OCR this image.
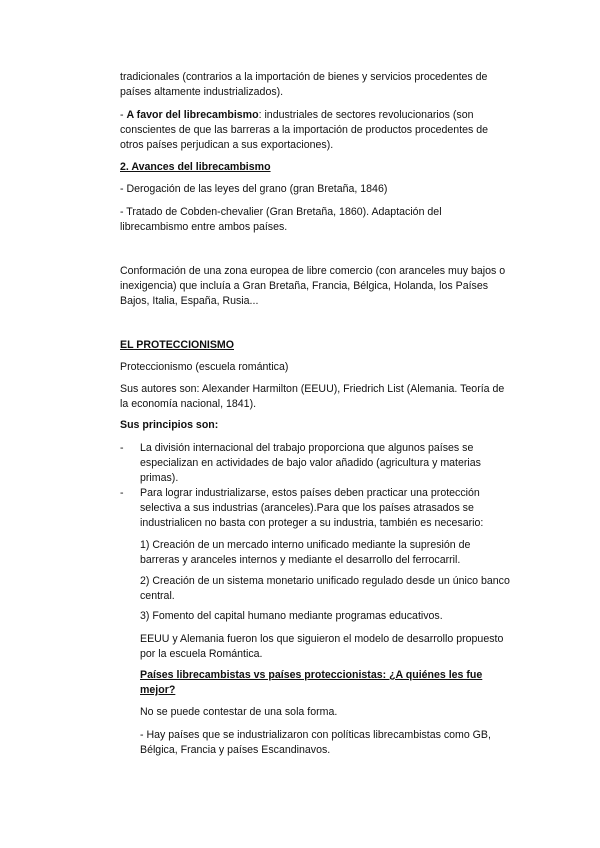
tradicionales (contrarios a la importación de bienes y servicios procedentes de países altamente industrializados).

- A favor del librecambismo: industriales de sectores revolucionarios (son conscientes de que las barreras a la importación de productos procedentes de otros países perjudican a sus exportaciones).

2. Avances del librecambismo

- Derogación de las leyes del grano (gran Bretaña, 1846)

- Tratado de Cobden-chevalier (Gran Bretaña, 1860). Adaptación del librecambismo entre ambos países.

Conformación de una zona europea de libre comercio (con aranceles muy bajos o inexigencia) que incluía a Gran Bretaña, Francia, Bélgica, Holanda, los Países Bajos, Italia, España, Rusia...

EL PROTECCIONISMO

Proteccionismo (escuela romántica)

Sus autores son: Alexander Harmilton (EEUU), Friedrich List (Alemania. Teoría de la economía nacional, 1841).

Sus principios son:

- La división internacional del trabajo proporciona que algunos países se especializan en actividades de bajo valor añadido (agricultura y materias primas).

- Para lograr industrializarse, estos países deben practicar una protección selectiva a sus industrias (aranceles).Para que los países atrasados se industrialicen no basta con proteger a su industria, también es necesario:

1) Creación de un mercado interno unificado mediante la supresión de barreras y aranceles internos y mediante el desarrollo del ferrocarril.

2) Creación de un sistema monetario unificado regulado desde un único banco central.

3) Fomento del capital humano mediante programas educativos.

EEUU y Alemania fueron los que siguieron el modelo de desarrollo propuesto por la escuela Romántica.

Países librecambistas vs países proteccionistas: ¿A quiénes les fue mejor?

No se puede contestar de una sola forma.

- Hay países que se industrializaron con políticas librecambistas como GB, Bélgica, Francia y países Escandinavos.
